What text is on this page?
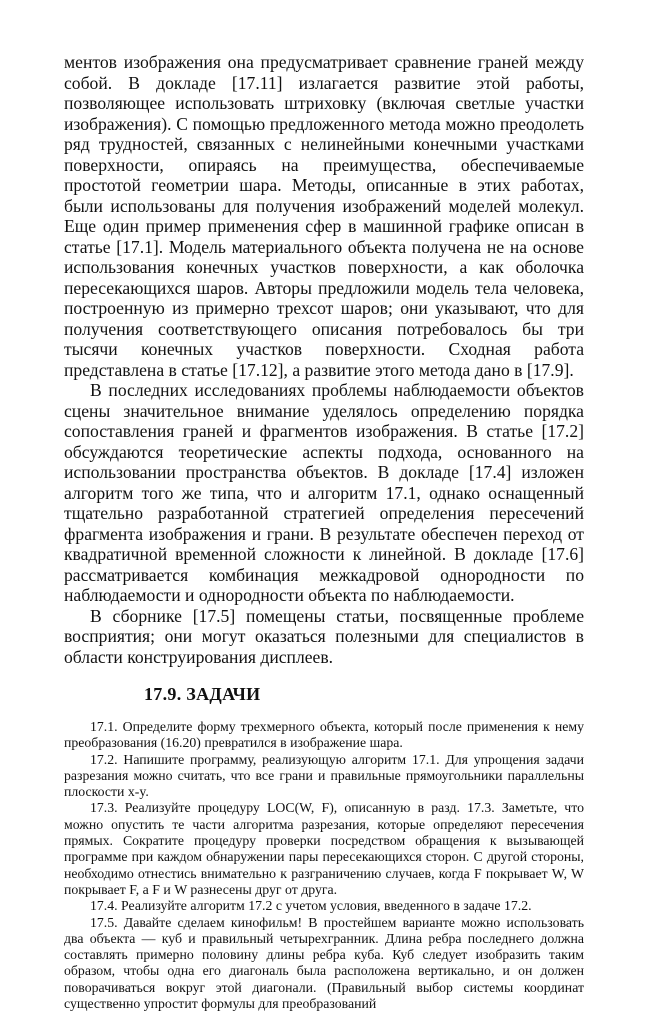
ментов изображения она предусматривает сравнение граней между собой. В докладе [17.11] излагается развитие этой работы, позволяющее использовать штриховку (включая светлые участки изображения). С помощью предложенного метода можно преодолеть ряд трудностей, связанных с нелинейными конечными участками поверхности, опираясь на преимущества, обеспечиваемые простотой геометрии шара. Методы, описанные в этих работах, были использованы для получения изображений моделей молекул. Еще один пример применения сфер в машинной графике описан в статье [17.1]. Модель материального объекта получена не на основе использования конечных участков поверхности, а как оболочка пересекающихся шаров. Авторы предложили модель тела человека, построенную из примерно трехсот шаров; они указывают, что для получения соответствующего описания потребовалось бы три тысячи конечных участков поверхности. Сходная работа представлена в статье [17.12], а развитие этого метода дано в [17.9].

В последних исследованиях проблемы наблюдаемости объектов сцены значительное внимание уделялось определению порядка сопоставления граней и фрагментов изображения. В статье [17.2] обсуждаются теоретические аспекты подхода, основанного на использовании пространства объектов. В докладе [17.4] изложен алгоритм того же типа, что и алгоритм 17.1, однако оснащенный тщательно разработанной стратегией определения пересечений фрагмента изображения и грани. В результате обеспечен переход от квадратичной временной сложности к линейной. В докладе [17.6] рассматривается комбинация межкадровой однородности по наблюдаемости и однородности объекта по наблюдаемости.

В сборнике [17.5] помещены статьи, посвященные проблеме восприятия; они могут оказаться полезными для специалистов в области конструирования дисплеев.

17.9. ЗАДАЧИ

17.1. Определите форму трехмерного объекта, который после применения к нему преобразования (16.20) превратился в изображение шара.

17.2. Напишите программу, реализующую алгоритм 17.1. Для упрощения задачи разрезания можно считать, что все грани и правильные прямоугольники параллельны плоскости x-y.

17.3. Реализуйте процедуру LOC(W, F), описанную в разд. 17.3. Заметьте, что можно опустить те части алгоритма разрезания, которые определяют пересечения прямых. Сократите процедуру проверки посредством обращения к вызывающей программе при каждом обнаружении пары пересекающихся сторон. С другой стороны, необходимо отнестись внимательно к разграничению случаев, когда F покрывает W, W покрывает F, а F и W разнесены друг от друга.

17.4. Реализуйте алгоритм 17.2 с учетом условия, введенного в задаче 17.2.

17.5. Давайте сделаем кинофильм! В простейшем варианте можно использовать два объекта — куб и правильный четырехгранник. Длина ребра последнего должна составлять примерно половину длины ребра куба. Куб следует изобразить таким образом, чтобы одна его диагональ была расположена вертикально, и он должен поворачиваться вокруг этой диагонали. (Правильный выбор системы координат существенно упростит формулы для преобразований
